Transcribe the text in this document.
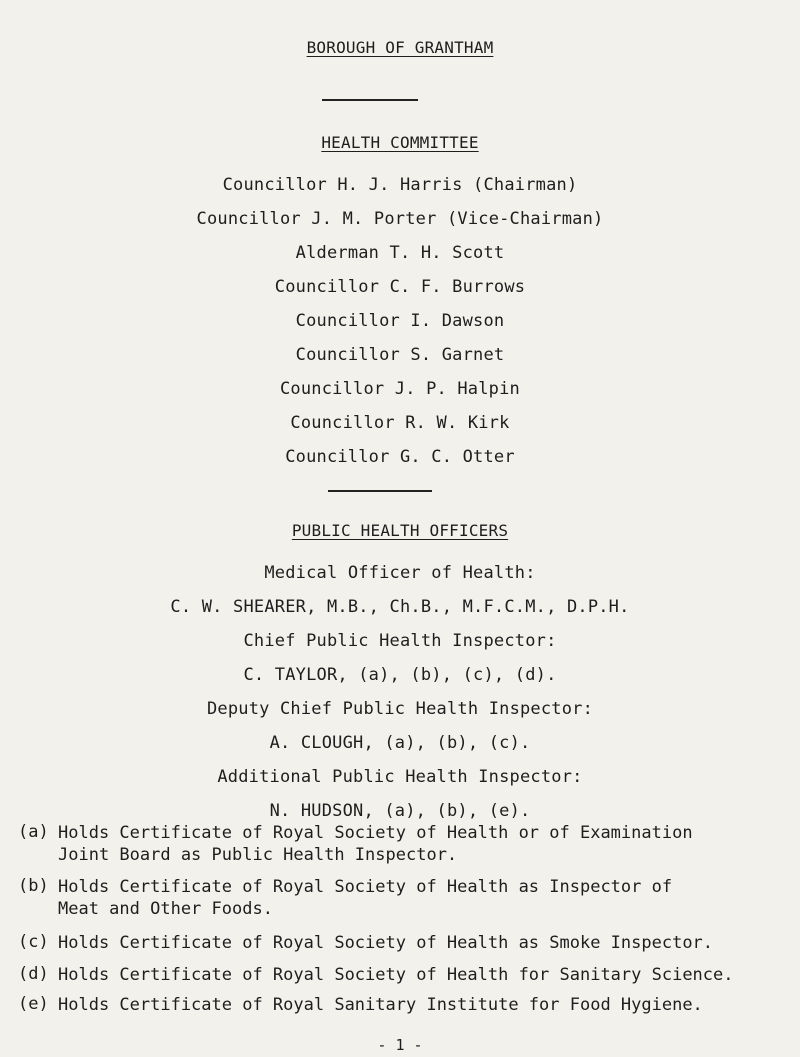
BOROUGH OF GRANTHAM
HEALTH COMMITTEE
Councillor H. J. Harris (Chairman)
Councillor J. M. Porter (Vice-Chairman)
Alderman T. H. Scott
Councillor C. F. Burrows
Councillor I. Dawson
Councillor S. Garnet
Councillor J. P. Halpin
Councillor R. W. Kirk
Councillor G. C. Otter
PUBLIC HEALTH OFFICERS
Medical Officer of Health:
C. W. SHEARER, M.B., Ch.B., M.F.C.M., D.P.H.
Chief Public Health Inspector:
C. TAYLOR, (a), (b), (c), (d).
Deputy Chief Public Health Inspector:
A. CLOUGH, (a), (b), (c).
Additional Public Health Inspector:
N. HUDSON, (a), (b), (e).
(a) Holds Certificate of Royal Society of Health or of Examination
Joint Board as Public Health Inspector.
(b) Holds Certificate of Royal Society of Health as Inspector of
Meat and Other Foods.
(c) Holds Certificate of Royal Society of Health as Smoke Inspector.
(d) Holds Certificate of Royal Society of Health for Sanitary Science.
(e) Holds Certificate of Royal Sanitary Institute for Food Hygiene.
- 1 -
